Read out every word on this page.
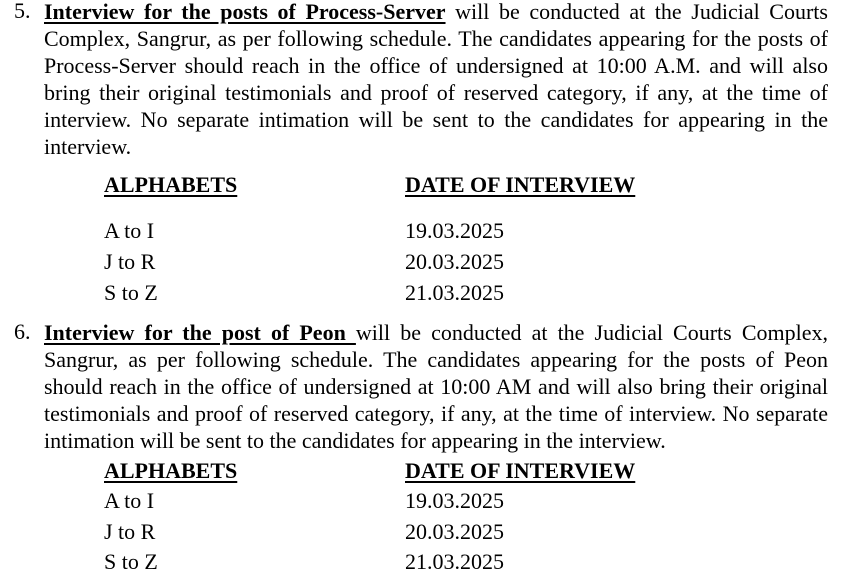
5. Interview for the posts of Process-Server will be conducted at the Judicial Courts Complex, Sangrur, as per following schedule. The candidates appearing for the posts of Process-Server should reach in the office of undersigned at 10:00 A.M. and will also bring their original testimonials and proof of reserved category, if any, at the time of interview. No separate intimation will be sent to the candidates for appearing in the interview.
ALPHABETS	DATE OF INTERVIEW
A to I	19.03.2025
J to R	20.03.2025
S to Z	21.03.2025
6. Interview for the post of Peon will be conducted at the Judicial Courts Complex, Sangrur, as per following schedule. The candidates appearing for the posts of Peon should reach in the office of undersigned at 10:00 AM and will also bring their original testimonials and proof of reserved category, if any, at the time of interview. No separate intimation will be sent to the candidates for appearing in the interview.
ALPHABETS	DATE OF INTERVIEW
A to I	19.03.2025
J to R	20.03.2025
S to Z	21.03.2025
